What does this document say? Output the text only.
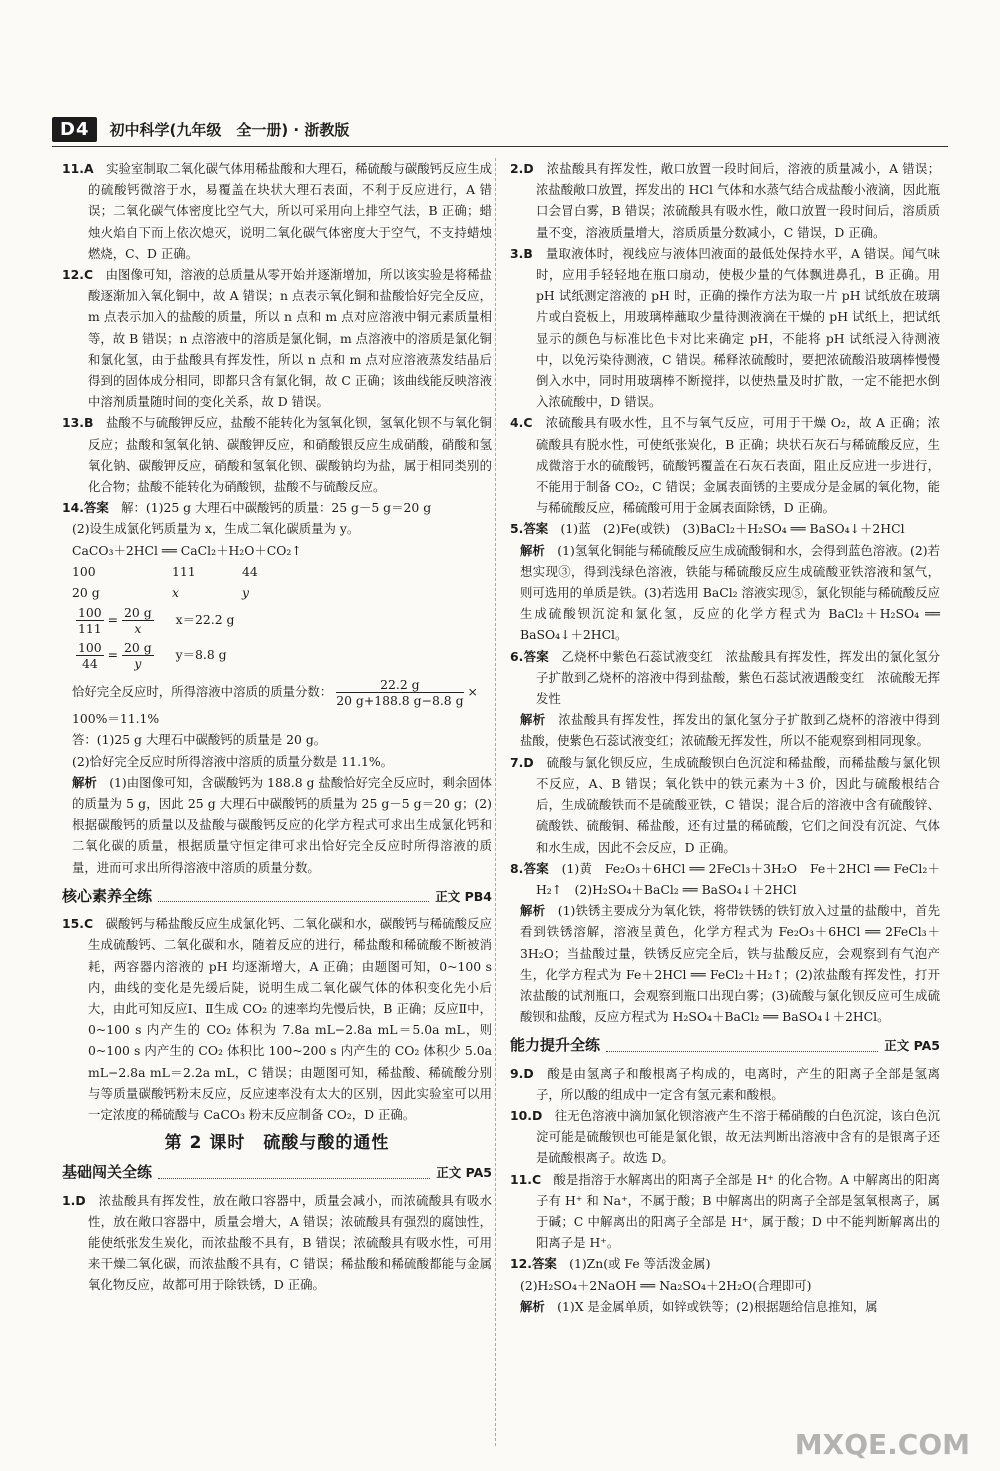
D4	初中科学(九年级　全一册) · 浙教版

11.A　 实验室制取二氧化碳气体用稀盐酸和大理石，稀硫酸与碳酸钙反应生成的硫酸钙微溶于水，易覆盖在块状大理石表面，不利于反应进行，A 错误；二氧化碳气体密度比空气大，所以可采用向上排空气法，B 正确；蜡烛火焰自下而上依次熄灭，说明二氧化碳气体密度大于空气，不支持蜡烛燃烧，C、D 正确。

12.C　 由图像可知，溶液的总质量从零开始并逐渐增加，所以该实验是将稀盐酸逐渐加入氧化铜中，故 A 错误；n 点表示氧化铜和盐酸恰好完全反应，m 点表示加入的盐酸的质量，所以 n 点和 m 点对应溶液中铜元素质量相等，故 B 错误；n 点溶液中的溶质是氯化铜，m 点溶液中的溶质是氯化铜和氯化氢，由于盐酸具有挥发性，所以 n 点和 m 点对应溶液蒸发结晶后得到的固体成分相同，即都只含有氯化铜，故 C 正确；该曲线能反映溶液中溶剂质量随时间的变化关系，故 D 错误。

13.B　 盐酸不与硫酸钾反应，盐酸不能转化为氢氧化钡，氢氧化钡不与氧化铜反应；盐酸和氢氧化钠、碳酸钾反应，和硝酸银反应生成硝酸，硝酸和氢氧化钠、碳酸钾反应，硝酸和氢氧化钡、碳酸钠均为盐，属于相同类别的化合物；盐酸不能转化为硝酸钡，盐酸不与硫酸反应。

14.答案　 解：(1)25 g 大理石中碳酸钙的质量：25 g－5 g＝20 g

(2)设生成氯化钙质量为 x，生成二氧化碳质量为 y。

CaCO₃＋2HCl ══ CaCl₂＋H₂O＋CO₂↑

100	111	44
20 g	x	y
$\frac{100}{111} = \frac{20 g}{x} x=22.2$ g
$\frac{100}{44} = \frac{20 g}{y} y=8.8$ g
恰好完全反应时，所得溶液中溶质的质量分数： $\frac{22.2 g}{20 g+188.8 g-8.8 g}$ ×

100%＝11.1%

答：(1)25 g 大理石中碳酸钙的质量是 20 g。

(2)恰好完全反应时所得溶液中溶质的质量分数是 11.1%。

解析　 (1)由图像可知，含碳酸钙为 188.8 g 盐酸恰好完全反应时，剩余固体的质量为 5 g，因此 25 g 大理石中碳酸钙的质量为 25 g－5 g＝20 g；(2)根据碳酸钙的质量以及盐酸与碳酸钙反应的化学方程式可求出生成氯化钙和二氧化碳的质量，根据质量守恒定律可求出恰好完全反应时所得溶液的质量，进而可求出所得溶液中溶质的质量分数。

核心素养全练	正文 PB4

15.C　 碳酸钙与稀盐酸反应生成氯化钙、二氧化碳和水，碳酸钙与稀硫酸反应生成硫酸钙、二氧化碳和水，随着反应的进行，稀盐酸和稀硫酸不断被消耗，两容器内溶液的 pH 均逐渐增大，A 正确；由题图可知，0~100 s 内，曲线的变化是先缓后陡，说明生成二氧化碳气体的体积变化先小后大，由此可知反应Ⅰ、Ⅱ生成 CO₂ 的速率均先慢后快，B 正确；反应Ⅱ中，0~100 s 内产生的 CO₂ 体积为 7.8a mL−2.8a mL＝5.0a mL，则 0~100 s 内产生的 CO₂ 体积比 100~200 s 内产生的 CO₂ 体积少 5.0a mL−2.8a mL＝2.2a mL，C 错误；由题图可知，稀盐酸、稀硫酸分别与等质量碳酸钙粉末反应，反应速率没有太大的区别，因此实验室可以用一定浓度的稀硫酸与 CaCO₃ 粉末反应制备 CO₂，D 正确。

第 2 课时　硫酸与酸的通性
基础闯关全练	正文 PA5

1.D　 浓盐酸具有挥发性，放在敞口容器中，质量会减小，而浓硫酸具有吸水性，放在敞口容器中，质量会增大，A 错误；浓硫酸具有强烈的腐蚀性，能使纸张发生炭化，而浓盐酸不具有，B 错误；浓硫酸具有吸水性，可用来干燥二氧化碳，而浓盐酸不具有，C 错误；稀盐酸和稀硫酸都能与金属氧化物反应，故都可用于除铁锈，D 正确。

2.D　 浓盐酸具有挥发性，敞口放置一段时间后，溶液的质量减小，A 错误；浓盐酸敞口放置，挥发出的 HCl 气体和水蒸气结合成盐酸小液滴，因此瓶口会冒白雾，B 错误；浓硫酸具有吸水性，敞口放置一段时间后，溶质质量不变，溶液质量增大，溶质质量分数减小，C 错误，D 正确。

3.B　 量取液体时，视线应与液体凹液面的最低处保持水平，A 错误。闻气味时，应用手轻轻地在瓶口扇动，使极少量的气体飘进鼻孔，B 正确。用 pH 试纸测定溶液的 pH 时，正确的操作方法为取一片 pH 试纸放在玻璃片或白瓷板上，用玻璃棒蘸取少量待测液滴在干燥的 pH 试纸上，把试纸显示的颜色与标准比色卡对比来确定 pH，不能将 pH 试纸浸入待测液中，以免污染待测液，C 错误。稀释浓硫酸时，要把浓硫酸沿玻璃棒慢慢倒入水中，同时用玻璃棒不断搅拌，以使热量及时扩散，一定不能把水倒入浓硫酸中，D 错误。

4.C　 浓硫酸具有吸水性，且不与氧气反应，可用于干燥 O₂，故 A 正确；浓硫酸具有脱水性，可使纸张炭化，B 正确；块状石灰石与稀硫酸反应，生成微溶于水的硫酸钙，硫酸钙覆盖在石灰石表面，阻止反应进一步进行，不能用于制备 CO₂，C 错误；金属表面锈的主要成分是金属的氧化物，能与稀硫酸反应，稀硫酸可用于金属表面除锈，D 正确。

5.答案　 (1)蓝　(2)Fe(或铁)　(3)BaCl₂＋H₂SO₄ ══ BaSO₄↓＋2HCl

解析　 (1)氢氧化铜能与稀硫酸反应生成硫酸铜和水，会得到蓝色溶液。(2)若想实现③，得到浅绿色溶液，铁能与稀硫酸反应生成硫酸亚铁溶液和氢气，则可选用的单质是铁。(3)若选用 BaCl₂ 溶液实现⑤，氯化钡能与稀硫酸反应生成硫酸钡沉淀和氯化氢，反应的化学方程式为 BaCl₂＋H₂SO₄ ══ BaSO₄↓＋2HCl。

6.答案　 乙烧杯中紫色石蕊试液变红　浓盐酸具有挥发性，挥发出的氯化氢分子扩散到乙烧杯的溶液中得到盐酸，紫色石蕊试液遇酸变红　浓硫酸无挥发性

解析　 浓盐酸具有挥发性，挥发出的氯化氢分子扩散到乙烧杯的溶液中得到盐酸，使紫色石蕊试液变红；浓硫酸无挥发性，所以不能观察到相同现象。

7.D　 硫酸与氯化钡反应，生成硫酸钡白色沉淀和稀盐酸，而稀盐酸与氯化钡不反应，A、B 错误；氧化铁中的铁元素为＋3 价，因此与硫酸根结合后，生成硫酸铁而不是硫酸亚铁，C 错误；混合后的溶液中含有硫酸锌、硫酸铁、硫酸铜、稀盐酸，还有过量的稀硫酸，它们之间没有沉淀、气体和水生成，因此不会反应，D 正确。

8.答案　 (1)黄　Fe₂O₃＋6HCl ══ 2FeCl₃＋3H₂O　Fe＋2HCl ══ FeCl₂＋H₂↑　(2)H₂SO₄＋BaCl₂ ══ BaSO₄↓＋2HCl

解析　 (1)铁锈主要成分为氧化铁，将带铁锈的铁钉放入过量的盐酸中，首先看到铁锈溶解，溶液呈黄色，化学方程式为 Fe₂O₃＋6HCl ══ 2FeCl₃＋3H₂O；当盐酸过量，铁锈反应完全后，铁与盐酸反应，会观察到有气泡产生，化学方程式为 Fe＋2HCl ══ FeCl₂＋H₂↑；(2)浓盐酸有挥发性，打开浓盐酸的试剂瓶口，会观察到瓶口出现白雾；(3)硫酸与氯化钡反应可生成硫酸钡和盐酸，反应方程式为 H₂SO₄＋BaCl₂ ══ BaSO₄↓＋2HCl。

能力提升全练	正文 PA5

9.D　 酸是由氢离子和酸根离子构成的，电离时，产生的阳离子全部是氢离子，所以酸的组成中一定含有氢元素和酸根。

10.D　 往无色溶液中滴加氯化钡溶液产生不溶于稀硝酸的白色沉淀，该白色沉淀可能是硫酸钡也可能是氯化银，故无法判断出溶液中含有的是银离子还是硫酸根离子。故选 D。

11.C　 酸是指溶于水解离出的阳离子全部是 H⁺ 的化合物。A 中解离出的阳离子有 H⁺ 和 Na⁺，不属于酸；B 中解离出的阴离子全部是氢氧根离子，属于碱；C 中解离出的阳离子全部是 H⁺，属于酸；D 中不能判断解离出的阳离子是 H⁺。

12.答案　 (1)Zn(或 Fe 等活泼金属)

(2)H₂SO₄＋2NaOH ══ Na₂SO₄＋2H₂O(合理即可)

解析　 (1)X 是金属单质，如锌或铁等；(2)根据题给信息推知，属

MXQE.COM
